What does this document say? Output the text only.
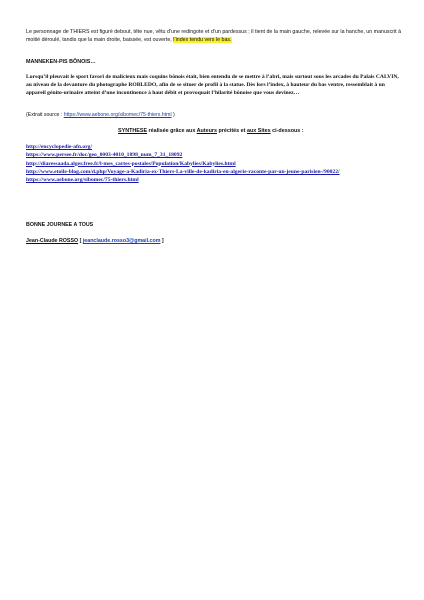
Le personnage de THIERS est figuré debout, tête nue, vêtu d’une redingote et d’un pardessus ; il tient de la main gauche, relevée sur la hanche, un manuscrit à moitié déroulé, tandis que la main droite, baissée, est ouverte, l’index tendu vers le bas.

MANNEKEN-PIS BÔNOIS…

Lorsqu’il pleuvait le sport favori de malicieux mais coquins bônois était, bien entendu de se mettre à l’abri, mais surtout sous les arcades du Palais CALVIN, au niveau de la devanture du photographe ROBLEDO, afin de se situer de profil à la statue. Dès lors l’index, à hauteur du bas ventre, ressemblait à un appareil génito-urinaire atteint d’une incontinence à haut débit et provoquait l’hilarité bônoise que vous devinez…

(Extrait source : https://www.aebone.org/sibomec/75-thiers.html )

SYNTHESE réalisée grâce aux Auteurs précités et aux Sites ci-dessous :

http://encyclopedie-afn.org/
https://www.persee.fr/doc/geo_0003-4010_1898_num_7_31_18092
http://diaressaada.alger.free.fr/l-mes_cartes-postales/Population/Kabylies/Kabylies.html
http://www.etoile-blog.com/d.php/Voyage-a-Kadiria-ex-Thiers-La-ville-de-kadiria-en-algerie-raconte-par-un-jeune-parisien-/90022/
https://www.aebone.org/sibomec/75-thiers.html

BONNE JOURNEE A TOUS

Jean-Claude ROSSO [ jeanclaude.rosso3@gmail.com ]
